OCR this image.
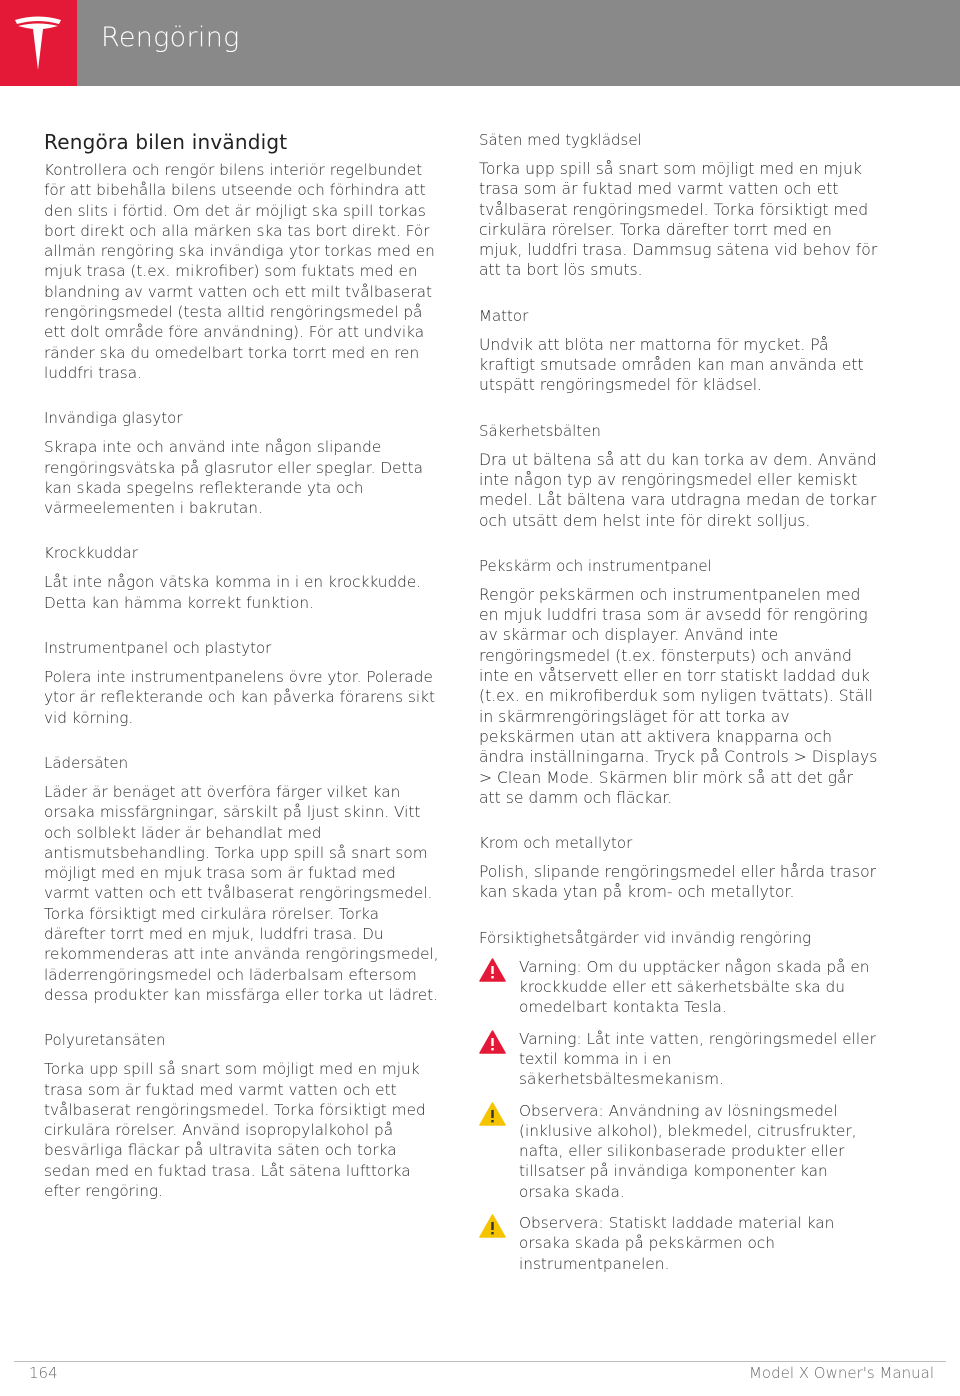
Rengöring
Rengöra bilen invändigt

Kontrollera och rengör bilens interiör regelbundet för att bibehålla bilens utseende och förhindra att den slits i förtid. Om det är möjligt ska spill torkas bort direkt och alla märken ska tas bort direkt. För allmän rengöring ska invändiga ytor torkas med en mjuk trasa (t.ex. mikrofiber) som fuktats med en blandning av varmt vatten och ett milt tvålbaserat rengöringsmedel (testa alltid rengöringsmedel på ett dolt område före användning). För att undvika ränder ska du omedelbart torka torrt med en ren luddfri trasa.

Invändiga glasytor

Skrapa inte och använd inte någon slipande rengöringsvätska på glasrutor eller speglar. Detta kan skada spegelns reflekterande yta och värmeelementen i bakrutan.

Krockkuddar

Låt inte någon vätska komma in i en krockkudde. Detta kan hämma korrekt funktion.

Instrumentpanel och plastytor

Polera inte instrumentpanelens övre ytor. Polerade ytor är reflekterande och kan påverka förarens sikt vid körning.

Lädersäten

Läder är benäget att överföra färger vilket kan orsaka missfärgningar, särskilt på ljust skinn. Vitt och solblekt läder är behandlat med antismutsbehandling. Torka upp spill så snart som möjligt med en mjuk trasa som är fuktad med varmt vatten och ett tvålbaserat rengöringsmedel. Torka försiktigt med cirkulära rörelser. Torka därefter torrt med en mjuk, luddfri trasa. Du rekommenderas att inte använda rengöringsmedel, läderrengöringsmedel och läderbalsam eftersom dessa produkter kan missfärga eller torka ut lädret.

Polyuretansäten

Torka upp spill så snart som möjligt med en mjuk trasa som är fuktad med varmt vatten och ett tvålbaserat rengöringsmedel. Torka försiktigt med cirkulära rörelser. Använd isopropylalkohol på besvärliga fläckar på ultravita säten och torka sedan med en fuktad trasa. Låt sätena lufttorka efter rengöring.

Säten med tygklädsel

Torka upp spill så snart som möjligt med en mjuk trasa som är fuktad med varmt vatten och ett tvålbaserat rengöringsmedel. Torka försiktigt med cirkulära rörelser. Torka därefter torrt med en mjuk, luddfri trasa. Dammsug sätena vid behov för att ta bort lös smuts.

Mattor

Undvik att blöta ner mattorna för mycket. På kraftigt smutsade områden kan man använda ett utspätt rengöringsmedel för klädsel.

Säkerhetsbälten

Dra ut bältena så att du kan torka av dem. Använd inte någon typ av rengöringsmedel eller kemiskt medel. Låt bältena vara utdragna medan de torkar och utsätt dem helst inte för direkt solljus.

Pekskärm och instrumentpanel

Rengör pekskärmen och instrumentpanelen med en mjuk luddfri trasa som är avsedd för rengöring av skärmar och displayer. Använd inte rengöringsmedel (t.ex. fönsterputs) och använd inte en våtservett eller en torr statiskt laddad duk (t.ex. en mikrofiberduk som nyligen tvättats). Ställ in skärmrengöringsläget för att torka av pekskärmen utan att aktivera knapparna och ändra inställningarna. Tryck på Controls > Displays > Clean Mode. Skärmen blir mörk så att det går att se damm och fläckar.

Krom och metallytor

Polish, slipande rengöringsmedel eller hårda trasor kan skada ytan på krom- och metallytor.

Försiktighetsåtgärder vid invändig rengöring
Varning: Om du upptäcker någon skada på en krockkudde eller ett säkerhetsbälte ska du omedelbart kontakta Tesla.
Varning: Låt inte vatten, rengöringsmedel eller textil komma in i en säkerhetsbältesmekanism.
Observera: Användning av lösningsmedel (inklusive alkohol), blekmedel, citrusfrukter, nafta, eller silikonbaserade produkter eller tillsatser på invändiga komponenter kan orsaka skada.
Observera: Statiskt laddade material kan orsaka skada på pekskärmen och instrumentpanelen.
164	Model X Owner's Manual
